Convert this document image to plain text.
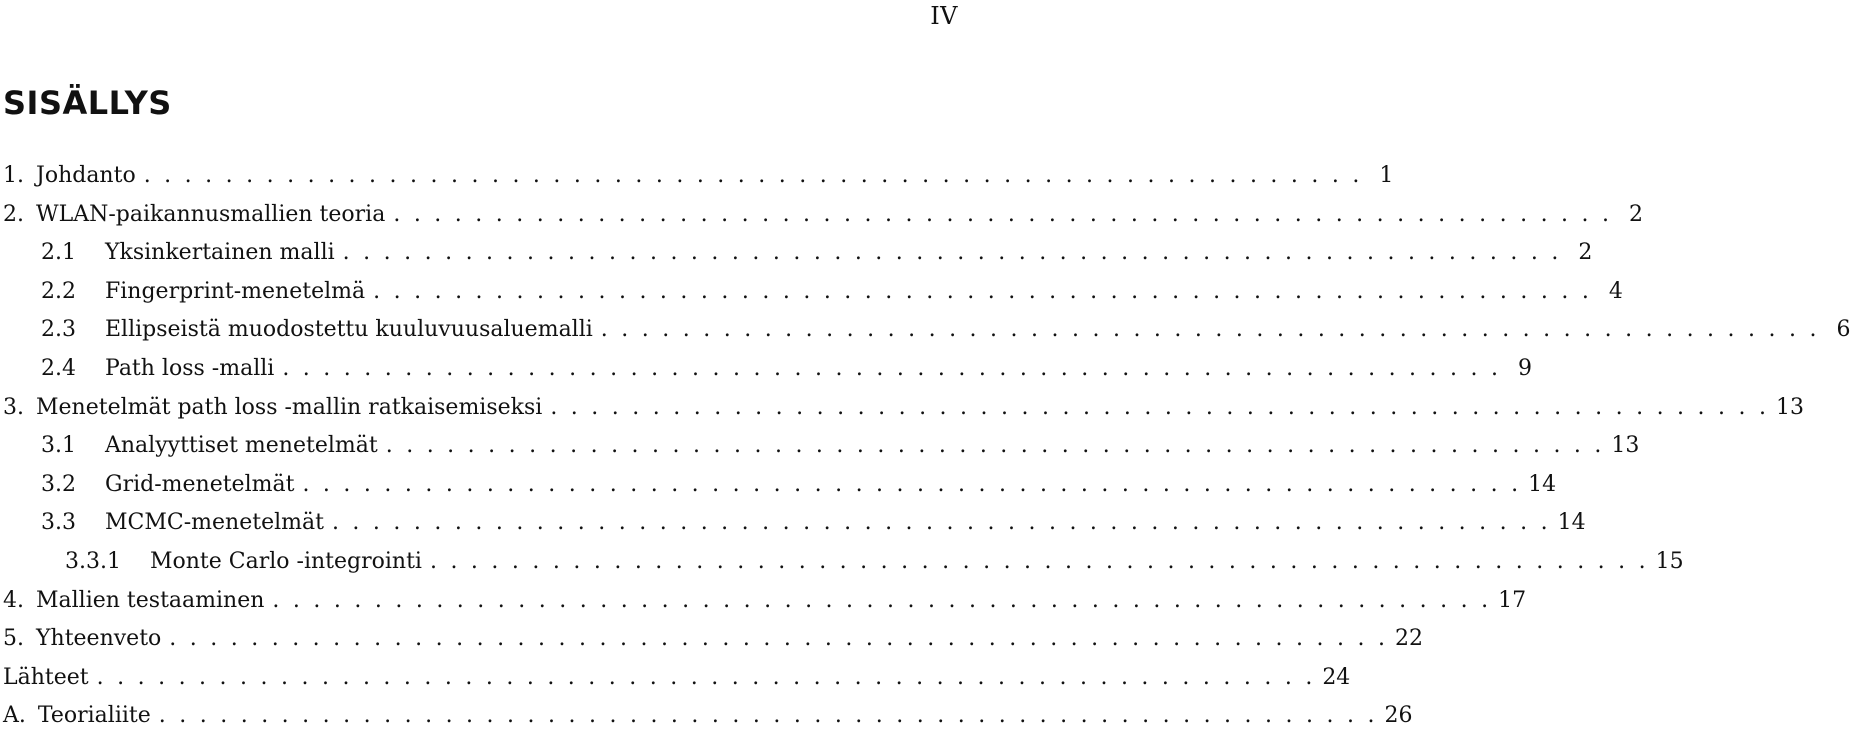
IV
SISÄLLYS
1. Johdanto . . .	1
2. WLAN-paikannusmallien teoria . . .	2
2.1 Yksinkertainen malli . . .	2
2.2 Fingerprint-menetelmä . . .	4
2.3 Ellipseistä muodostettu kuuluvuusaluemalli . . .	6
2.4 Path loss -malli . . .	9
3. Menetelmät path loss -mallin ratkaisemiseksi . . .	13
3.1 Analyyttiset menetelmät . . .	13
3.2 Grid-menetelmät . . .	14
3.3 MCMC-menetelmät . . .	14
3.3.1 Monte Carlo -integrointi . . .	15
4. Mallien testaaminen . . .	17
5. Yhteenveto . . .	22
Lähteet . . .	24
A. Teorialiite . . .	26
